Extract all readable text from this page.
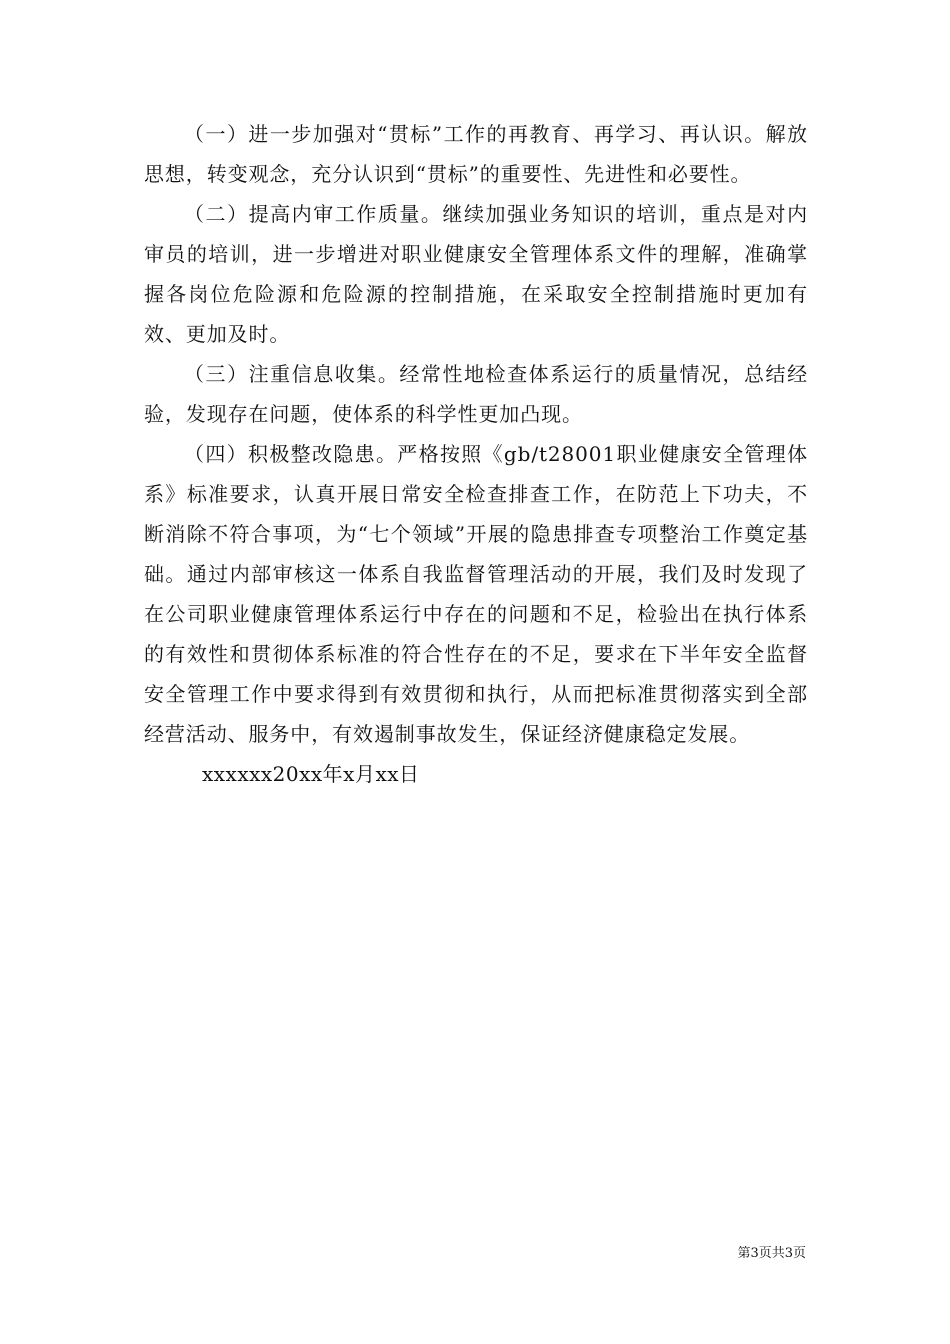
（一）进一步加强对“贯标”工作的再教育、再学习、再认识。解放思想，转变观念，充分认识到“贯标”的重要性、先进性和必要性。

（二）提高内审工作质量。继续加强业务知识的培训，重点是对内审员的培训，进一步增进对职业健康安全管理体系文件的理解，准确掌握各岗位危险源和危险源的控制措施，在采取安全控制措施时更加有效、更加及时。

（三）注重信息收集。经常性地检查体系运行的质量情况，总结经验，发现存在问题，使体系的科学性更加凸现。

（四）积极整改隐患。严格按照《gb/t28001职业健康安全管理体系》标准要求，认真开展日常安全检查排查工作，在防范上下功夫，不断消除不符合事项，为“七个领域”开展的隐患排查专项整治工作奠定基础。通过内部审核这一体系自我监督管理活动的开展，我们及时发现了在公司职业健康管理体系运行中存在的问题和不足，检验出在执行体系的有效性和贯彻体系标准的符合性存在的不足，要求在下半年安全监督安全管理工作中要求得到有效贯彻和执行，从而把标准贯彻落实到全部经营活动、服务中，有效遏制事故发生，保证经济健康稳定发展。

xxxxxx20xx年x月xx日

第3页共3页
